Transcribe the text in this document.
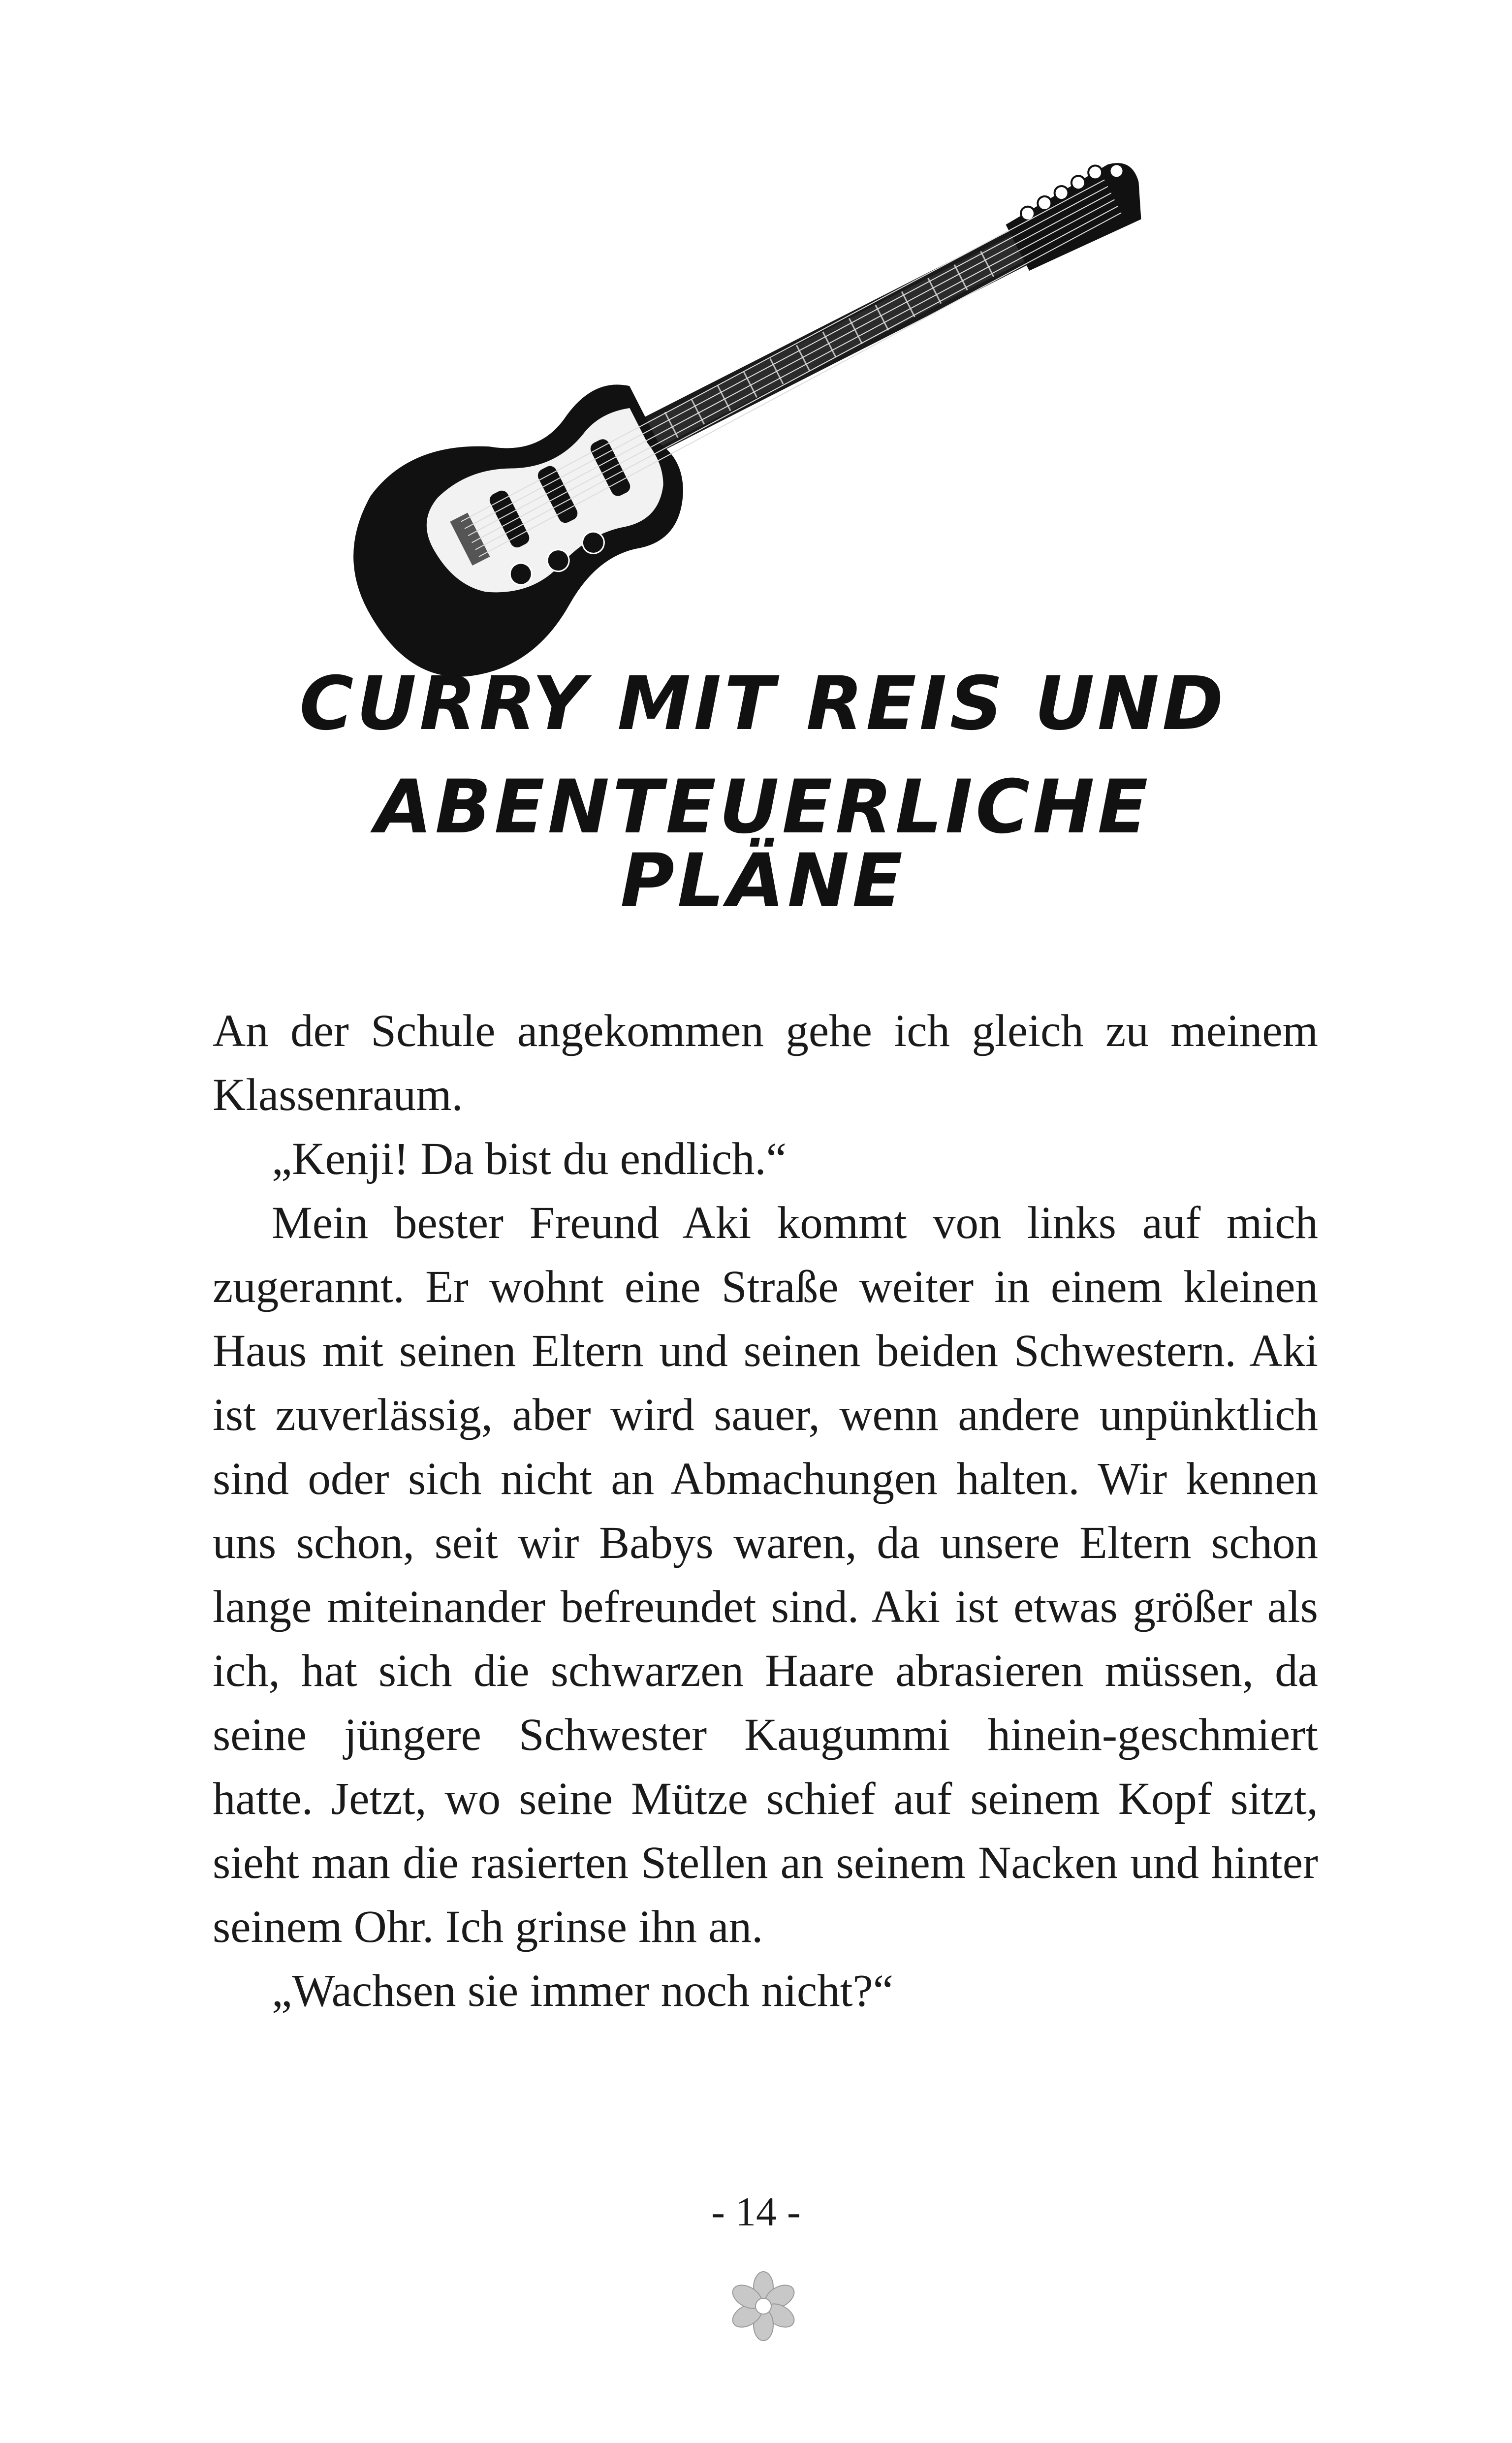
CURRY MIT REIS UND
ABENTEUERLICHE PLÄNE

An der Schule angekommen gehe ich gleich zu meinem Klassenraum.

„Kenji! Da bist du endlich.“

Mein bester Freund Aki kommt von links auf mich zugerannt. Er wohnt eine Straße weiter in einem kleinen Haus mit seinen Eltern und seinen beiden Schwestern. Aki ist zuverlässig, aber wird sauer, wenn andere unpünktlich sind oder sich nicht an Abmachungen halten. Wir kennen uns schon, seit wir Babys waren, da unsere Eltern schon lange miteinander befreundet sind. Aki ist etwas größer als ich, hat sich die schwarzen Haare abrasieren müssen, da seine jüngere Schwester Kaugummi hinein-geschmiert hatte. Jetzt, wo seine Mütze schief auf seinem Kopf sitzt, sieht man die rasierten Stellen an seinem Nacken und hinter seinem Ohr. Ich grinse ihn an.

„Wachsen sie immer noch nicht?“

- 14 -
